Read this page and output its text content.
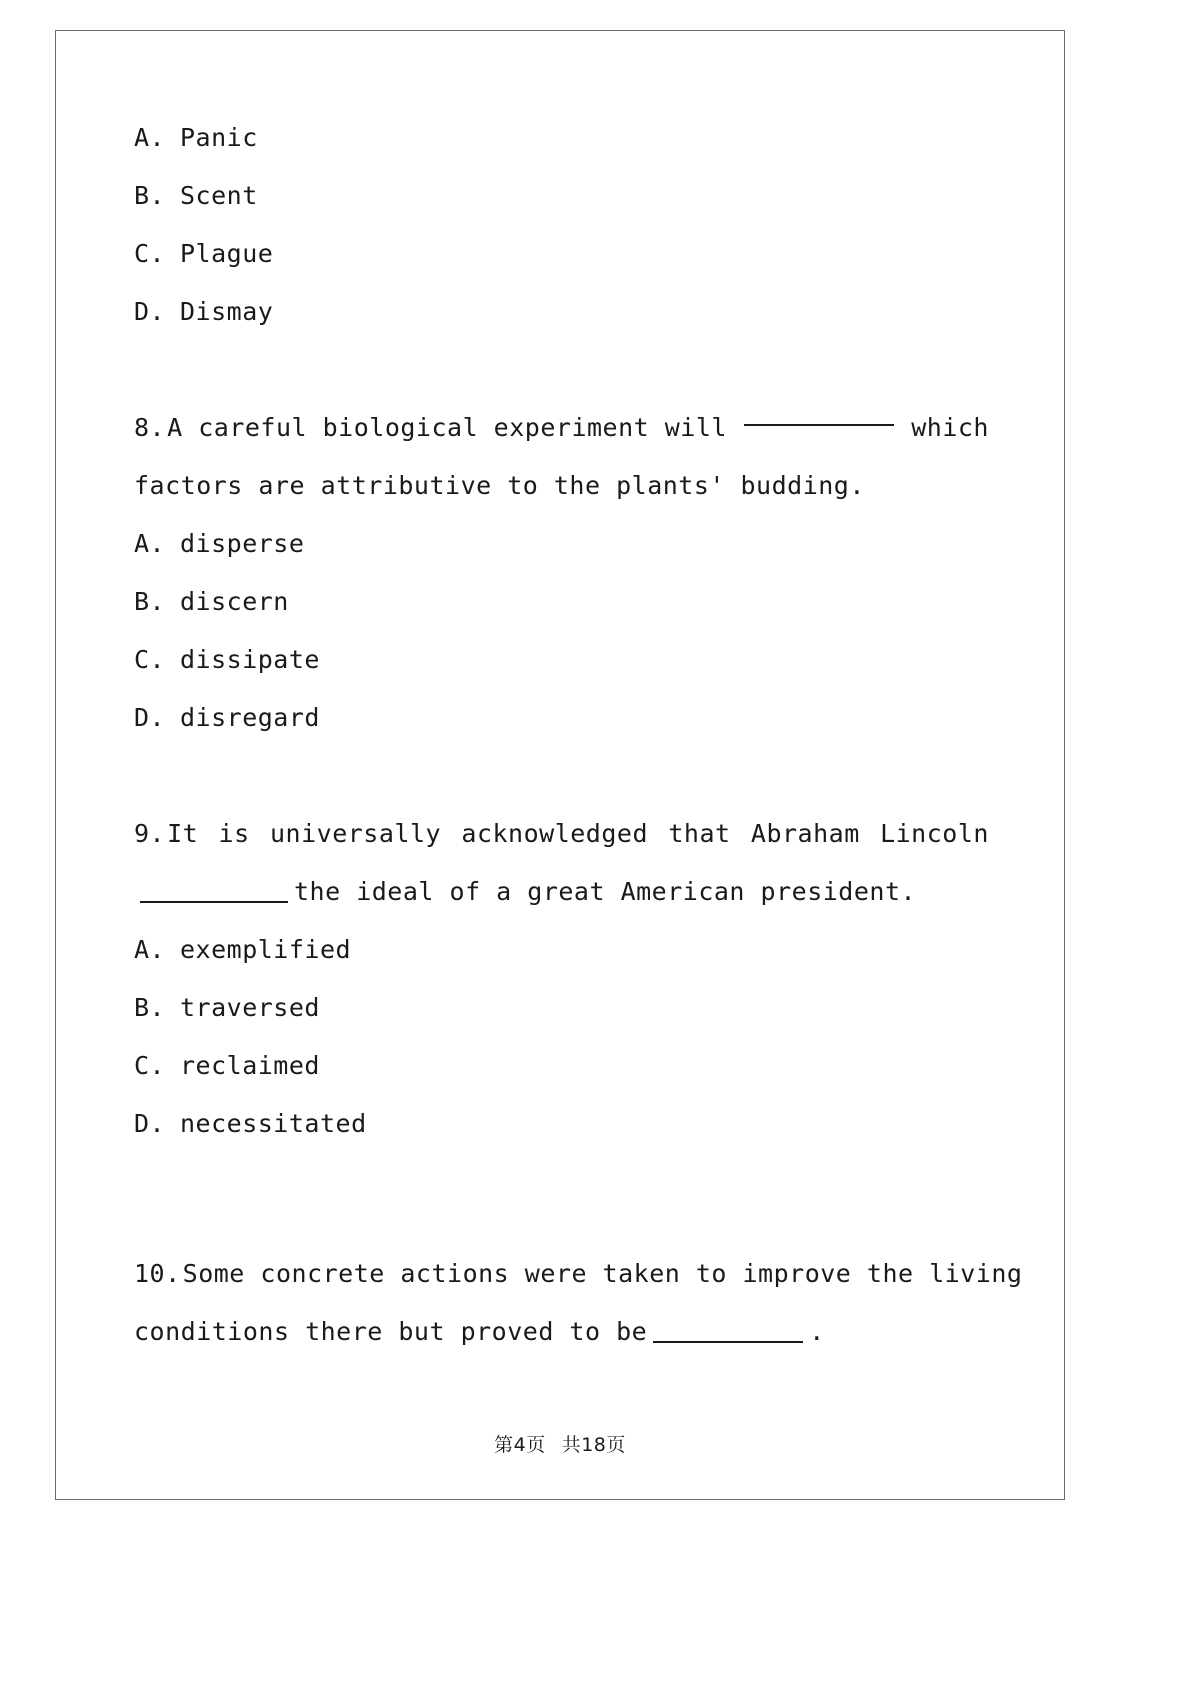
A. Panic
B. Scent
C. Plague
D. Dismay
8. A careful biological experiment will	which
factors are attributive to the plants' budding.
A. disperse
B. discern
C. dissipate
D. disregard
9. It is universally acknowledged that Abraham Lincoln
the ideal of a great American president.
A. exemplified
B. traversed
C. reclaimed
D. necessitated
10. Some concrete actions were taken to improve the living
conditions there but proved to be	.
第4页 共18页
